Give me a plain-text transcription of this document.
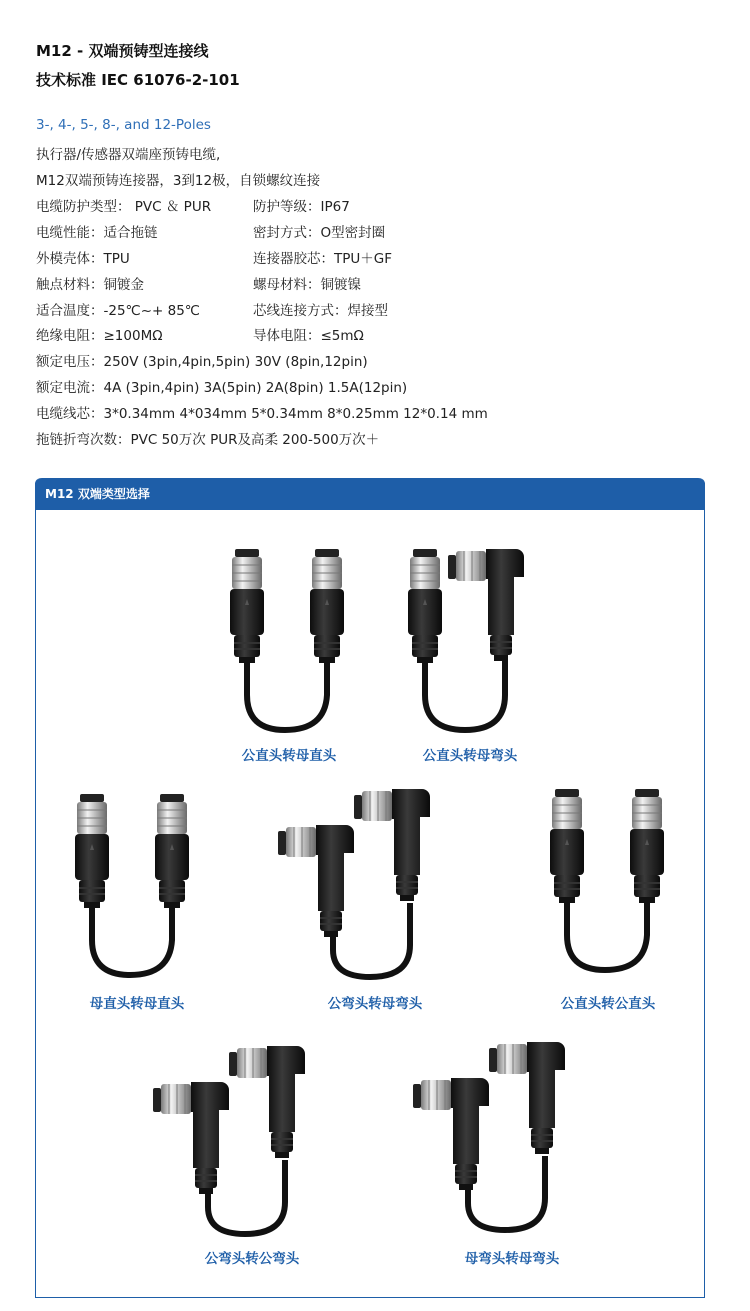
M12 - 双端预铸型连接线
技术标准 IEC 61076-2-101
3-, 4-, 5-, 8-, and 12-Poles
执行器/传感器双端座预铸电缆,
M12双端预铸连接器，3到12极，自锁螺纹连接
电缆防护类型： PVC ＆ PUR	防护等级：IP67
电缆性能：适合拖链	密封方式：O型密封圈
外模壳体：TPU	连接器胶芯：TPU＋GF
触点材料：铜镀金	螺母材料：铜镀镍
适合温度：-25℃~+ 85℃	芯线连接方式：焊接型
绝缘电阻：≥100MΩ	导体电阻：≤5mΩ
额定电压：250V (3pin,4pin,5pin) 30V (8pin,12pin)
额定电流：4A (3pin,4pin) 3A(5pin) 2A(8pin) 1.5A(12pin)
电缆线芯：3*0.34mm 4*034mm 5*0.34mm 8*0.25mm 12*0.14 mm
拖链折弯次数：PVC 50万次 PUR及高柔 200-500万次＋
M12 双端类型选择
公直头转母直头	公直头转母弯头
母直头转母直头	公弯头转母弯头	公直头转公直头
公弯头转公弯头	母弯头转母弯头
